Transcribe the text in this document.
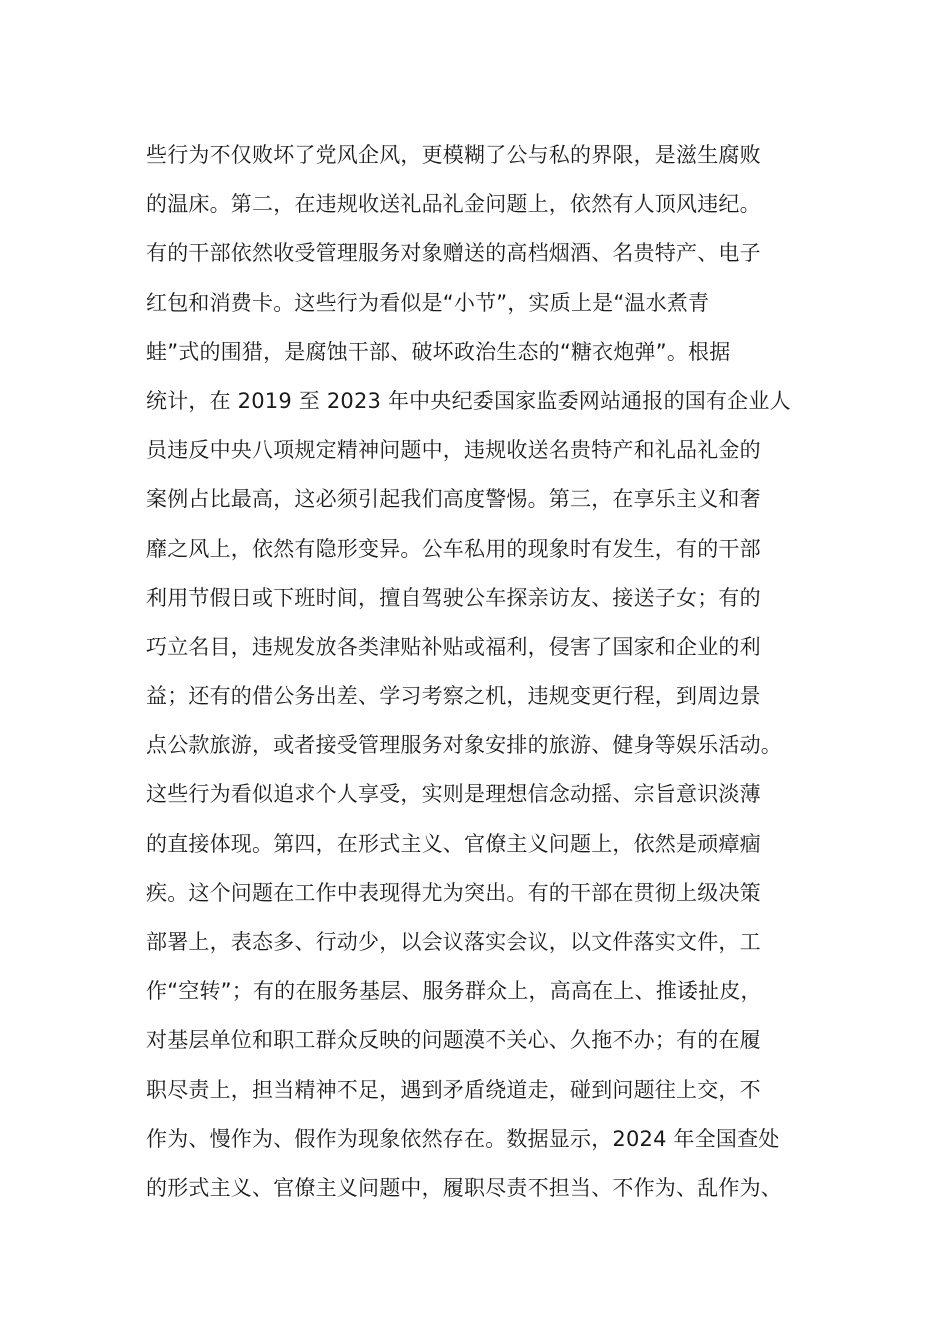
些行为不仅败坏了党风企风，更模糊了公与私的界限，是滋生腐败
的温床。第二，在违规收送礼品礼金问题上，依然有人顶风违纪。
有的干部依然收受管理服务对象赠送的高档烟酒、名贵特产、电子
红包和消费卡。这些行为看似是“小节”，实质上是“温水煮青
蛙”式的围猎，是腐蚀干部、破坏政治生态的“糖衣炮弹”。根据
统计，在 2019 至 2023 年中央纪委国家监委网站通报的国有企业人
员违反中央八项规定精神问题中，违规收送名贵特产和礼品礼金的
案例占比最高，这必须引起我们高度警惕。第三，在享乐主义和奢
靡之风上，依然有隐形变异。公车私用的现象时有发生，有的干部
利用节假日或下班时间，擅自驾驶公车探亲访友、接送子女；有的
巧立名目，违规发放各类津贴补贴或福利，侵害了国家和企业的利
益；还有的借公务出差、学习考察之机，违规变更行程，到周边景
点公款旅游，或者接受管理服务对象安排的旅游、健身等娱乐活动。
这些行为看似追求个人享受，实则是理想信念动摇、宗旨意识淡薄
的直接体现。第四，在形式主义、官僚主义问题上，依然是顽瘴痼
疾。这个问题在工作中表现得尤为突出。有的干部在贯彻上级决策
部署上，表态多、行动少，以会议落实会议，以文件落实文件，工
作“空转”；有的在服务基层、服务群众上，高高在上、推诿扯皮，
对基层单位和职工群众反映的问题漠不关心、久拖不办；有的在履
职尽责上，担当精神不足，遇到矛盾绕道走，碰到问题往上交，不
作为、慢作为、假作为现象依然存在。数据显示，2024 年全国查处
的形式主义、官僚主义问题中，履职尽责不担当、不作为、乱作为、
